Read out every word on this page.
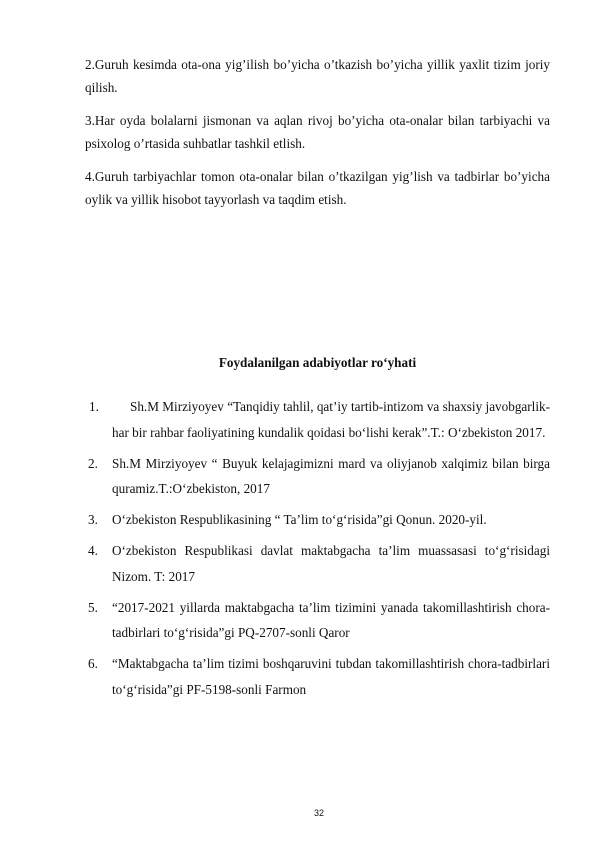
2.Guruh kesimda ota-ona yig’ilish bo’yicha o’tkazish bo’yicha yillik yaxlit tizim joriy qilish.

3.Har oyda bolalarni jismonan va aqlan rivoj bo’yicha ota-onalar bilan tarbiyachi va psixolog o’rtasida suhbatlar tashkil etlish.

4.Guruh tarbiyachlar tomon ota-onalar bilan o’tkazilgan yig’lish va tadbirlar bo’yicha oylik va yillik hisobot tayyorlash va taqdim etish.

Foydalanilgan adabiyotlar ro‘yhati
1.	Sh.M Mirziyoyev “Tanqidiy tahlil, qat’iy tartib-intizom va shaxsiy javobgarlik- har bir rahbar faoliyatining kundalik qoidasi bo‘lishi kerak”.T.: O‘zbekiston 2017.
2. Sh.M Mirziyoyev “ Buyuk kelajagimizni mard va oliyjanob xalqimiz bilan birga quramiz.T.:O‘zbekiston, 2017
3. O‘zbekiston Respublikasining “ Ta’lim to‘g‘risida”gi Qonun. 2020-yil.
4. O‘zbekiston Respublikasi davlat maktabgacha ta’lim muassasasi to‘g‘risidagi Nizom. T: 2017
5. “2017-2021 yillarda maktabgacha ta’lim tizimini yanada takomillashtirish chora-tadbirlari to‘g‘risida”gi PQ-2707-sonli Qaror
6. “Maktabgacha ta’lim tizimi boshqaruvini tubdan takomillashtirish chora-tadbirlari to‘g‘risida”gi PF-5198-sonli Farmon
32
